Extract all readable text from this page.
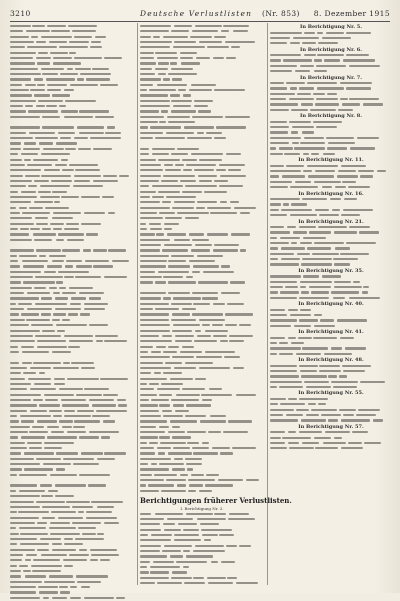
3210	Deutsche Verlustlisten (Nr. 853) 8. Dezember 1915
Berichtigungen früherer Verlustlisten.
I. Berichtigung Nr. 3.
In Berichtigung Nr. 5.
In Berichtigung Nr. 6.
In Berichtigung Nr. 7.
In Berichtigung Nr. 8.
In Berichtigung Nr. 11.
In Berichtigung Nr. 16.
In Berichtigung Nr. 21.
In Berichtigung Nr. 35.
In Berichtigung Nr. 40.
In Berichtigung Nr. 41.
In Berichtigung Nr. 48.
In Berichtigung Nr. 55.
In Berichtigung Nr. 57.
